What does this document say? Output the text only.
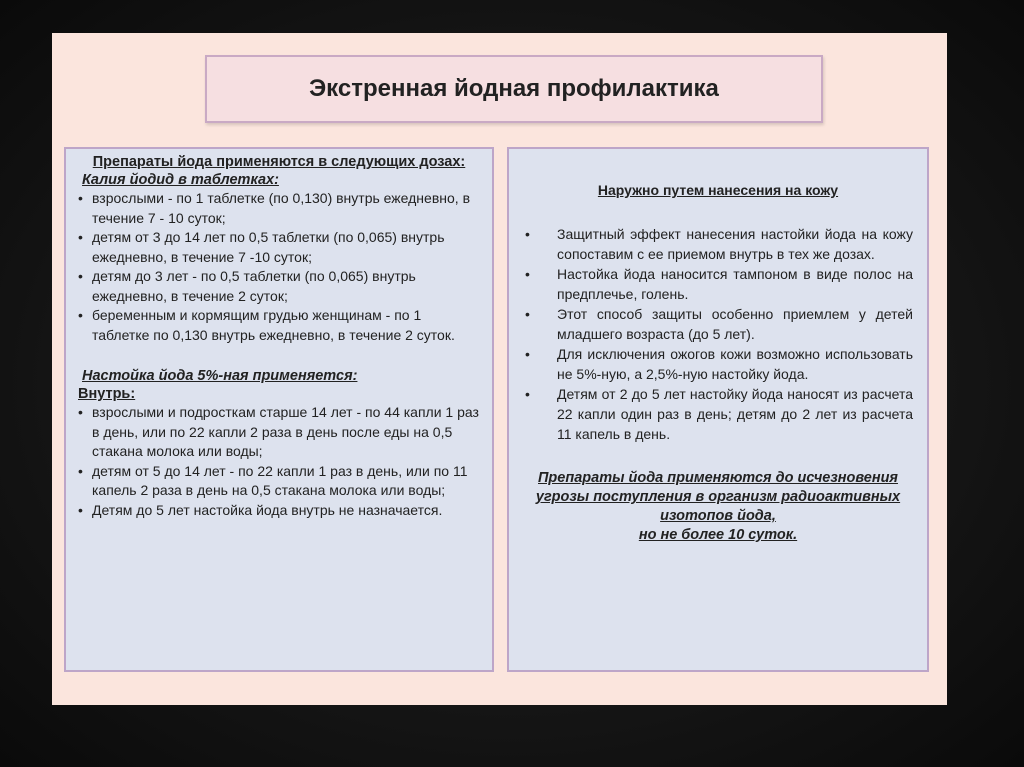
Экстренная йодная профилактика
Препараты йода применяются в следующих дозах:
Калия йодид в таблетках:
• взрослыми - по 1 таблетке (по 0,130) внутрь ежедневно, в течение 7 - 10 суток;
• детям от 3 до 14 лет по 0,5 таблетки (по 0,065) внутрь ежедневно, в течение 7 -10 суток;
• детям до 3 лет - по 0,5 таблетки (по 0,065) внутрь ежедневно, в течение 2 суток;
• беременным и кормящим грудью женщинам - по 1 таблетке по 0,130 внутрь ежедневно, в течение 2 суток.
Настойка йода 5%-ная применяется:
Внутрь:
• взрослыми и подросткам старше 14 лет - по 44 капли 1 раз в день, или по 22 капли 2 раза в день после еды на 0,5 стакана молока или воды;
• детям от 5 до 14 лет - по 22 капли 1 раз в день, или по 11 капель 2 раза в день на 0,5 стакана молока или воды;
• Детям до 5 лет настойка йода внутрь не назначается.
Наружно путем нанесения на кожу
• Защитный эффект нанесения настойки йода на кожу сопоставим с ее приемом внутрь в тех же дозах.
• Настойка йода наносится тампоном в виде полос на предплечье, голень.
• Этот способ защиты особенно приемлем у детей младшего возраста (до 5 лет).
• Для исключения ожогов кожи возможно использовать не 5%-ную, а 2,5%-ную настойку йода.
• Детям от 2 до 5 лет настойку йода наносят из расчета 22 капли один раз в день; детям до 2 лет из расчета 11 капель в день.
Препараты йода применяются до исчезновения угрозы поступления в организм радиоактивных изотопов йода,
но не более 10 суток.
